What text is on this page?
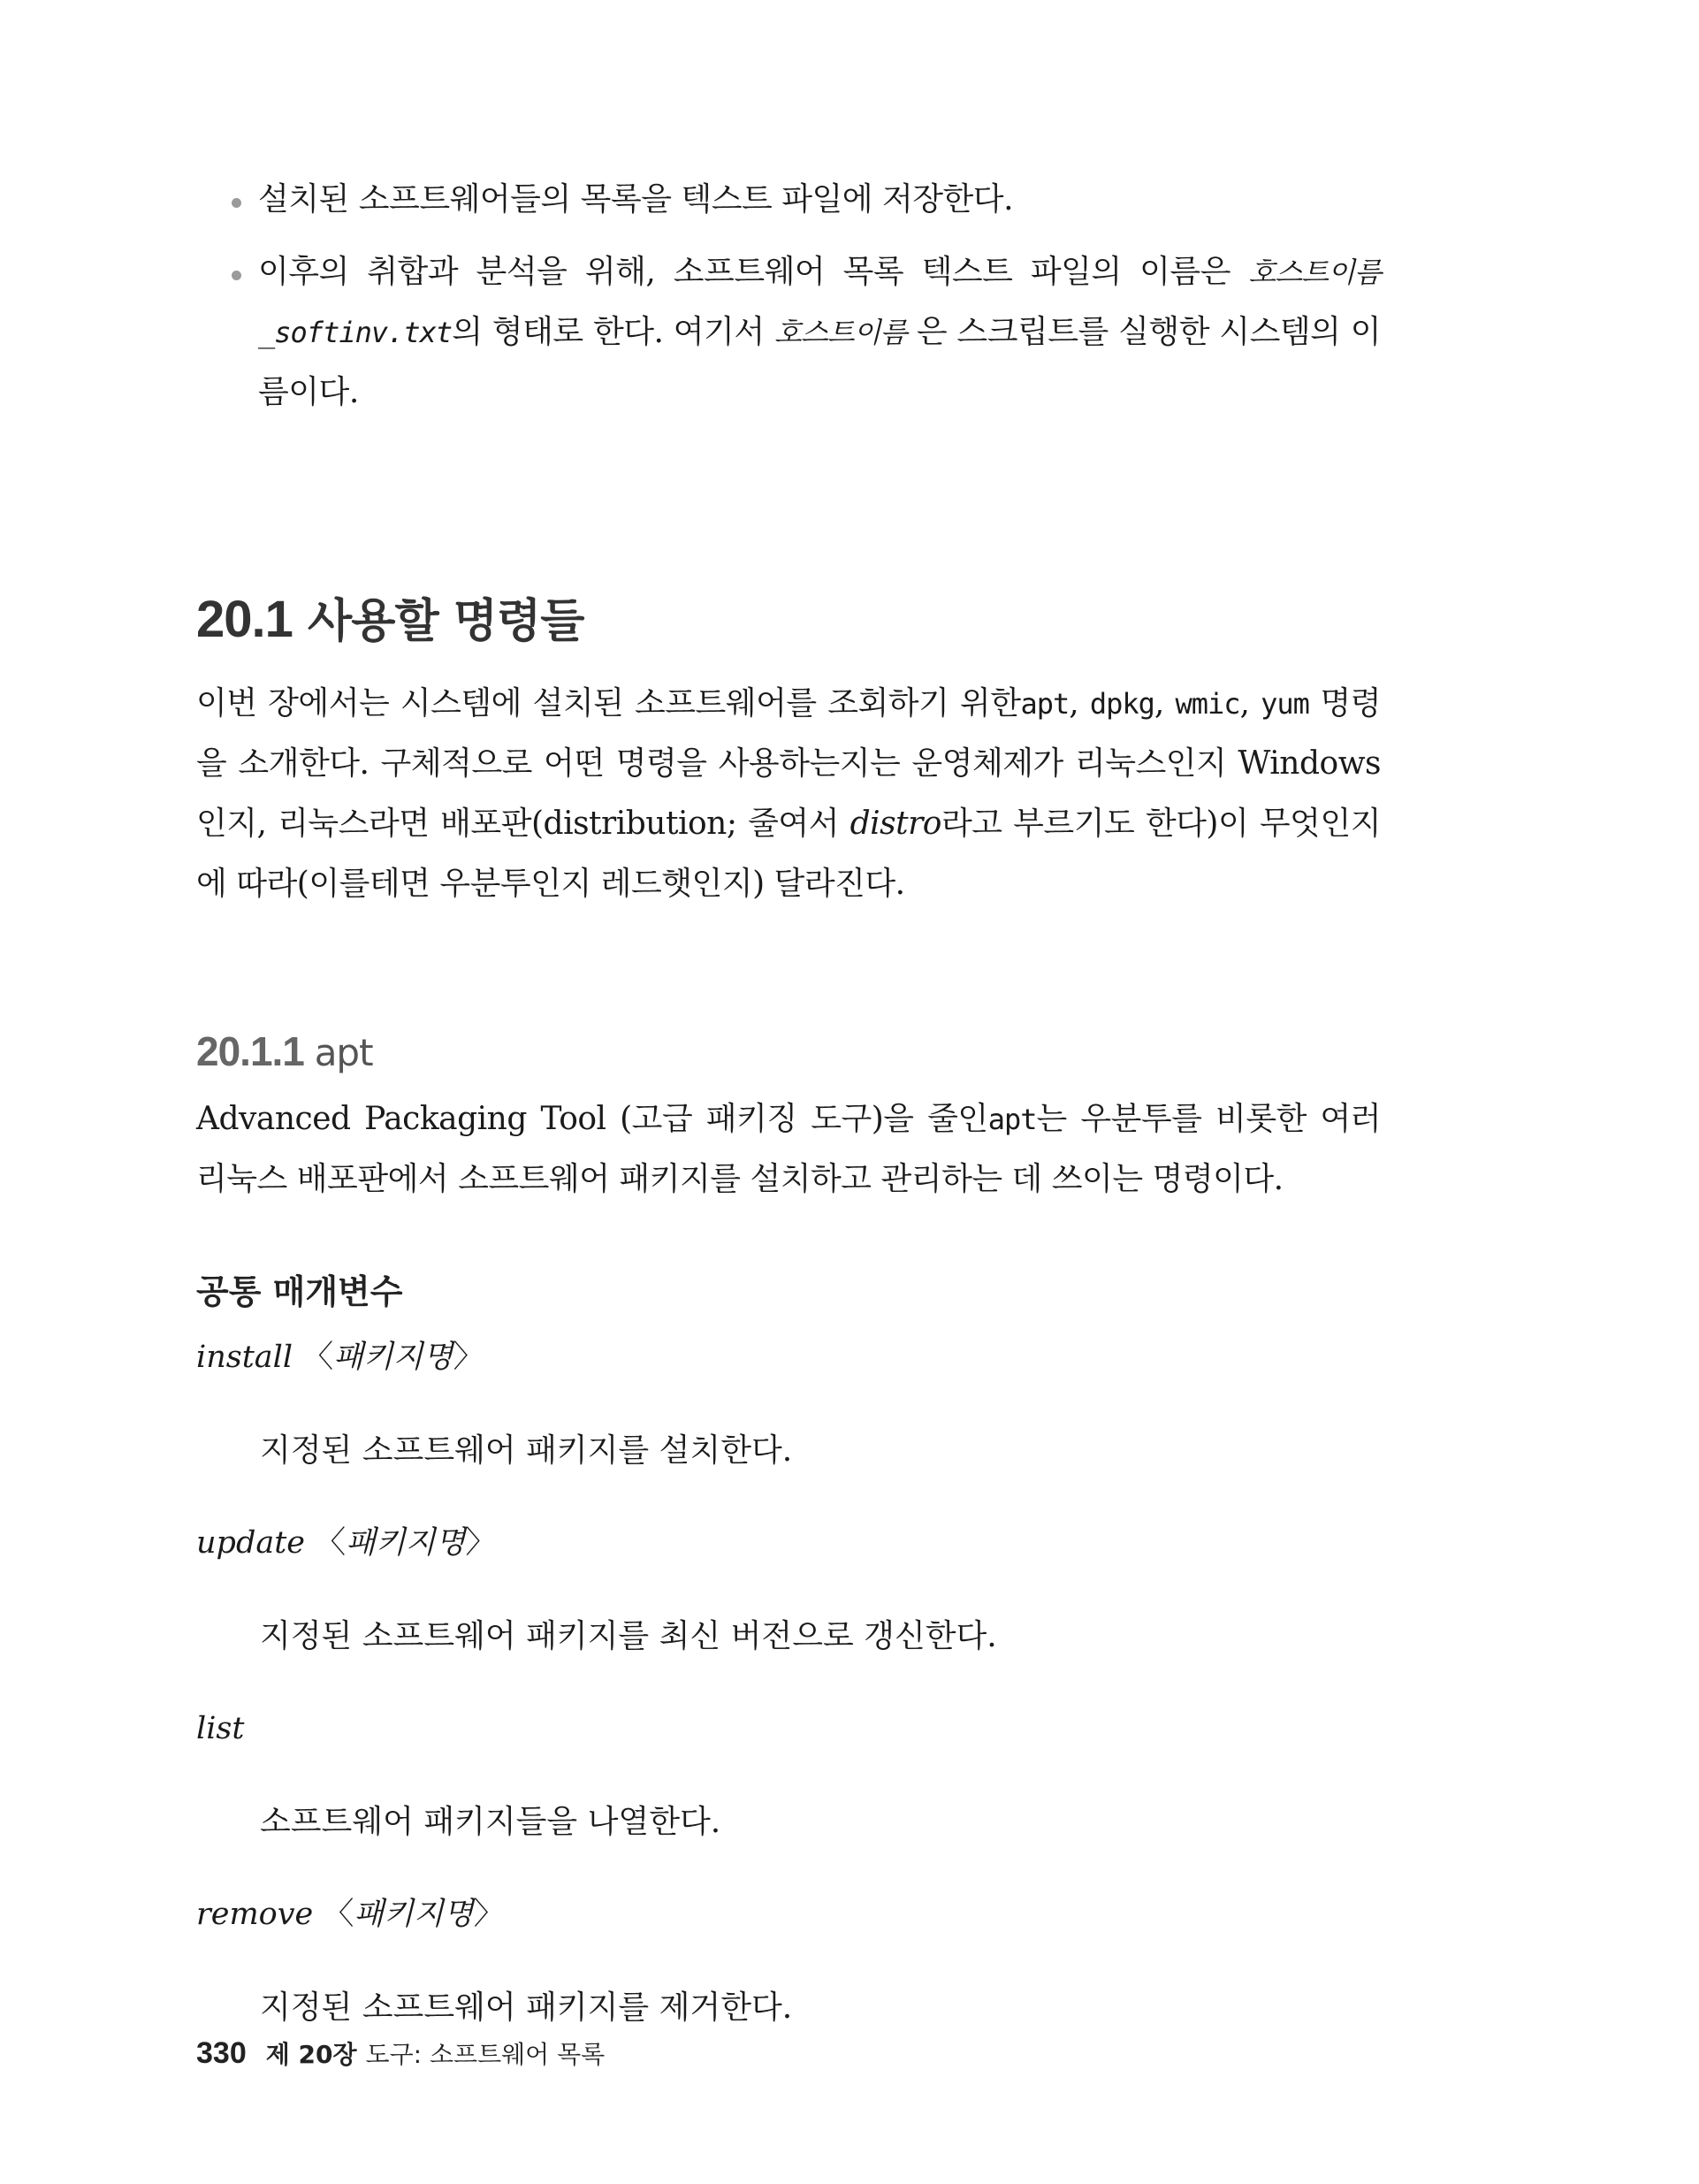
설치된 소프트웨어들의 목록을 텍스트 파일에 저장한다.
이후의 취합과 분석을 위해, 소프트웨어 목록 텍스트 파일의 이름은 호스트이름_softinv.txt의 형태로 한다. 여기서 호스트이름 은 스크립트를 실행한 시스템의 이름이다.
20.1 사용할 명령들
이번 장에서는 시스템에 설치된 소프트웨어를 조회하기 위한apt, dpkg, wmic, yum 명령을 소개한다. 구체적으로 어떤 명령을 사용하는지는 운영체제가 리눅스인지 Windows인지, 리눅스라면 배포판(distribution; 줄여서 distro라고 부르기도 한다)이 무엇인지에 따라(이를테면 우분투인지 레드햇인지) 달라진다.
20.1.1 apt
Advanced Packaging Tool (고급 패키징 도구)을 줄인apt는 우분투를 비롯한 여러 리눅스 배포판에서 소프트웨어 패키지를 설치하고 관리하는 데 쓰이는 명령이다.
공통 매개변수
install 〈패키지명〉
지정된 소프트웨어 패키지를 설치한다.
update 〈패키지명〉
지정된 소프트웨어 패키지를 최신 버전으로 갱신한다.
list
소프트웨어 패키지들을 나열한다.
remove 〈패키지명〉
지정된 소프트웨어 패키지를 제거한다.
330 제 20장 도구: 소프트웨어 목록
